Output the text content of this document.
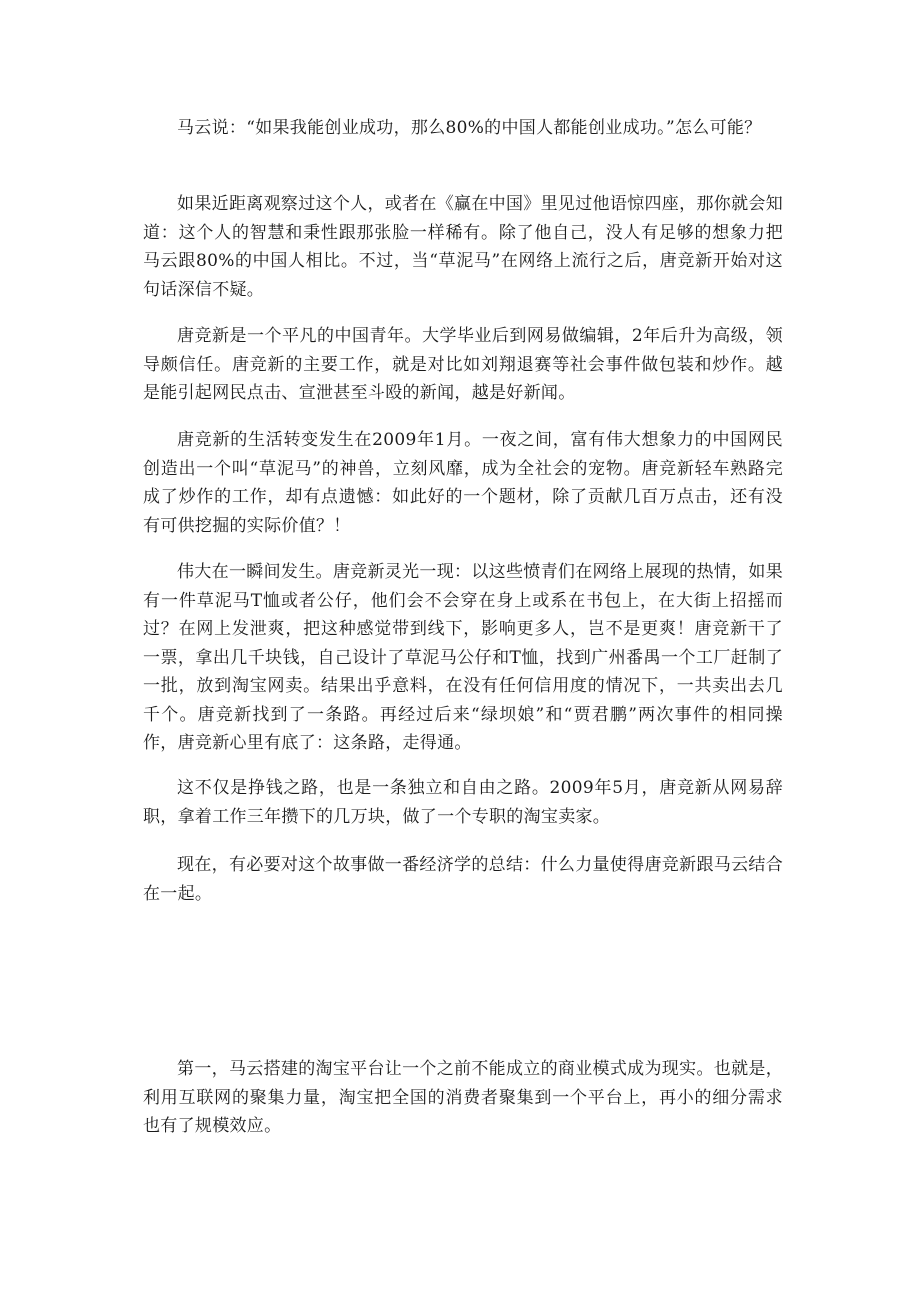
马云说：“如果我能创业成功，那么80%的中国人都能创业成功。”怎么可能？

如果近距离观察过这个人，或者在《赢在中国》里见过他语惊四座，那你就会知道：这个人的智慧和秉性跟那张脸一样稀有。除了他自己，没人有足够的想象力把马云跟80%的中国人相比。不过，当“草泥马”在网络上流行之后，唐竞新开始对这句话深信不疑。

唐竞新是一个平凡的中国青年。大学毕业后到网易做编辑，2年后升为高级，领导颇信任。唐竞新的主要工作，就是对比如刘翔退赛等社会事件做包装和炒作。越是能引起网民点击、宣泄甚至斗殴的新闻，越是好新闻。

唐竞新的生活转变发生在2009年1月。一夜之间，富有伟大想象力的中国网民创造出一个叫“草泥马”的神兽，立刻风靡，成为全社会的宠物。唐竞新轻车熟路完成了炒作的工作，却有点遗憾：如此好的一个题材，除了贡献几百万点击，还有没有可供挖掘的实际价值？！

伟大在一瞬间发生。唐竞新灵光一现：以这些愤青们在网络上展现的热情，如果有一件草泥马T恤或者公仔，他们会不会穿在身上或系在书包上，在大街上招摇而过？在网上发泄爽，把这种感觉带到线下，影响更多人，岂不是更爽！唐竞新干了一票，拿出几千块钱，自己设计了草泥马公仔和T恤，找到广州番禺一个工厂赶制了一批，放到淘宝网卖。结果出乎意料，在没有任何信用度的情况下，一共卖出去几千个。唐竞新找到了一条路。再经过后来“绿坝娘”和“贾君鹏”两次事件的相同操作，唐竞新心里有底了：这条路，走得通。

这不仅是挣钱之路，也是一条独立和自由之路。2009年5月，唐竞新从网易辞职，拿着工作三年攒下的几万块，做了一个专职的淘宝卖家。

现在，有必要对这个故事做一番经济学的总结：什么力量使得唐竞新跟马云结合在一起。

第一，马云搭建的淘宝平台让一个之前不能成立的商业模式成为现实。也就是，利用互联网的聚集力量，淘宝把全国的消费者聚集到一个平台上，再小的细分需求也有了规模效应。
